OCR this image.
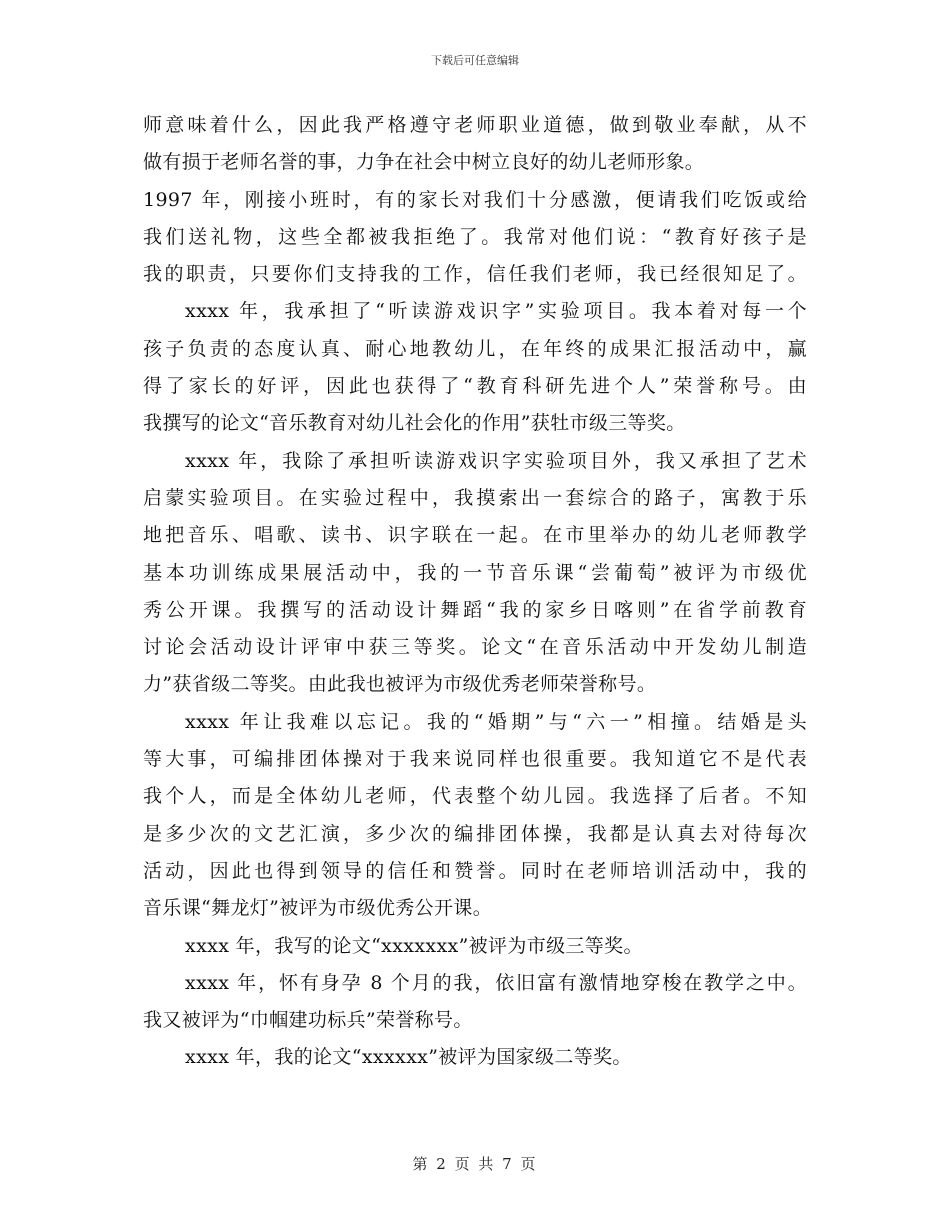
下载后可任意编辑
师意味着什么，因此我严格遵守老师职业道德，做到敬业奉献，从不
做有损于老师名誉的事，力争在社会中树立良好的幼儿老师形象。
1997 年，刚接小班时，有的家长对我们十分感激，便请我们吃饭或给
我们送礼物，这些全都被我拒绝了。我常对他们说：“教育好孩子是
我的职责，只要你们支持我的工作，信任我们老师，我已经很知足了。
xxxx 年，我承担了“听读游戏识字”实验项目。我本着对每一个
孩子负责的态度认真、耐心地教幼儿，在年终的成果汇报活动中，赢
得了家长的好评，因此也获得了“教育科研先进个人”荣誉称号。由
我撰写的论文“音乐教育对幼儿社会化的作用”获牡市级三等奖。
xxxx 年，我除了承担听读游戏识字实验项目外，我又承担了艺术
启蒙实验项目。在实验过程中，我摸索出一套综合的路子，寓教于乐
地把音乐、唱歌、读书、识字联在一起。在市里举办的幼儿老师教学
基本功训练成果展活动中，我的一节音乐课“尝葡萄”被评为市级优
秀公开课。我撰写的活动设计舞蹈“我的家乡日喀则”在省学前教育
讨论会活动设计评审中获三等奖。论文“在音乐活动中开发幼儿制造
力”获省级二等奖。由此我也被评为市级优秀老师荣誉称号。
xxxx 年让我难以忘记。我的“婚期”与“六一”相撞。结婚是头
等大事，可编排团体操对于我来说同样也很重要。我知道它不是代表
我个人，而是全体幼儿老师，代表整个幼儿园。我选择了后者。不知
是多少次的文艺汇演，多少次的编排团体操，我都是认真去对待每次
活动，因此也得到领导的信任和赞誉。同时在老师培训活动中，我的
音乐课“舞龙灯”被评为市级优秀公开课。
xxxx 年，我写的论文“xxxxxxx”被评为市级三等奖。
xxxx 年，怀有身孕 8 个月的我，依旧富有激情地穿梭在教学之中。
我又被评为“巾帼建功标兵”荣誉称号。
xxxx 年，我的论文“xxxxxx”被评为国家级二等奖。
第 2 页 共 7 页
